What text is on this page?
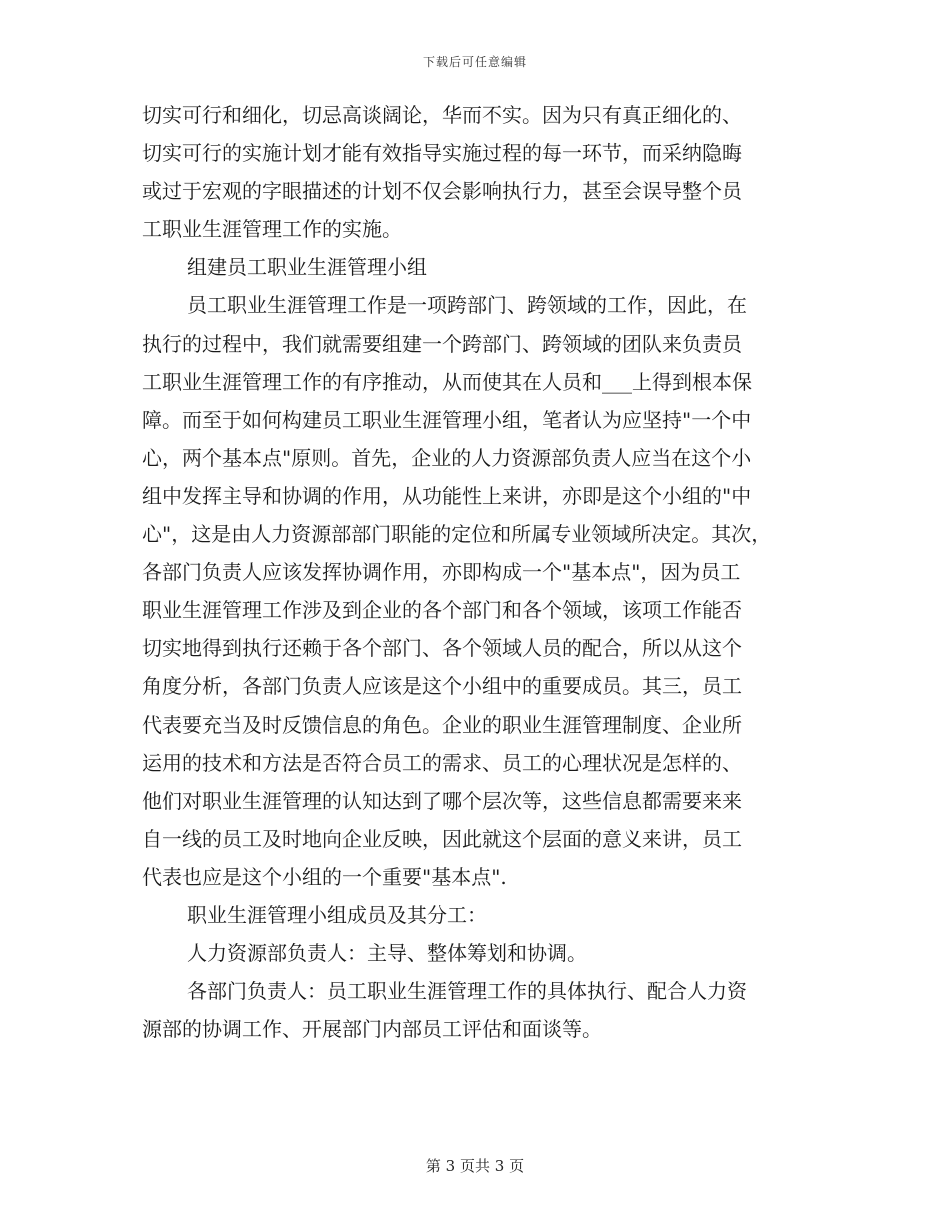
下载后可任意编辑
切实可行和细化，切忌高谈阔论，华而不实。因为只有真正细化的、
切实可行的实施计划才能有效指导实施过程的每一环节，而采纳隐晦
或过于宏观的字眼描述的计划不仅会影响执行力，甚至会误导整个员
工职业生涯管理工作的实施。
组建员工职业生涯管理小组
员工职业生涯管理工作是一项跨部门、跨领域的工作，因此，在
执行的过程中，我们就需要组建一个跨部门、跨领域的团队来负责员
工职业生涯管理工作的有序推动，从而使其在人员和___上得到根本保
障。而至于如何构建员工职业生涯管理小组，笔者认为应坚持"一个中
心，两个基本点"原则。首先，企业的人力资源部负责人应当在这个小
组中发挥主导和协调的作用，从功能性上来讲，亦即是这个小组的"中
心"，这是由人力资源部部门职能的定位和所属专业领域所决定。其次，
各部门负责人应该发挥协调作用，亦即构成一个"基本点"，因为员工
职业生涯管理工作涉及到企业的各个部门和各个领域，该项工作能否
切实地得到执行还赖于各个部门、各个领域人员的配合，所以从这个
角度分析，各部门负责人应该是这个小组中的重要成员。其三，员工
代表要充当及时反馈信息的角色。企业的职业生涯管理制度、企业所
运用的技术和方法是否符合员工的需求、员工的心理状况是怎样的、
他们对职业生涯管理的认知达到了哪个层次等，这些信息都需要来来
自一线的员工及时地向企业反映，因此就这个层面的意义来讲，员工
代表也应是这个小组的一个重要"基本点".
职业生涯管理小组成员及其分工：
人力资源部负责人：主导、整体筹划和协调。
各部门负责人：员工职业生涯管理工作的具体执行、配合人力资
源部的协调工作、开展部门内部员工评估和面谈等。
第 3 页共 3 页
